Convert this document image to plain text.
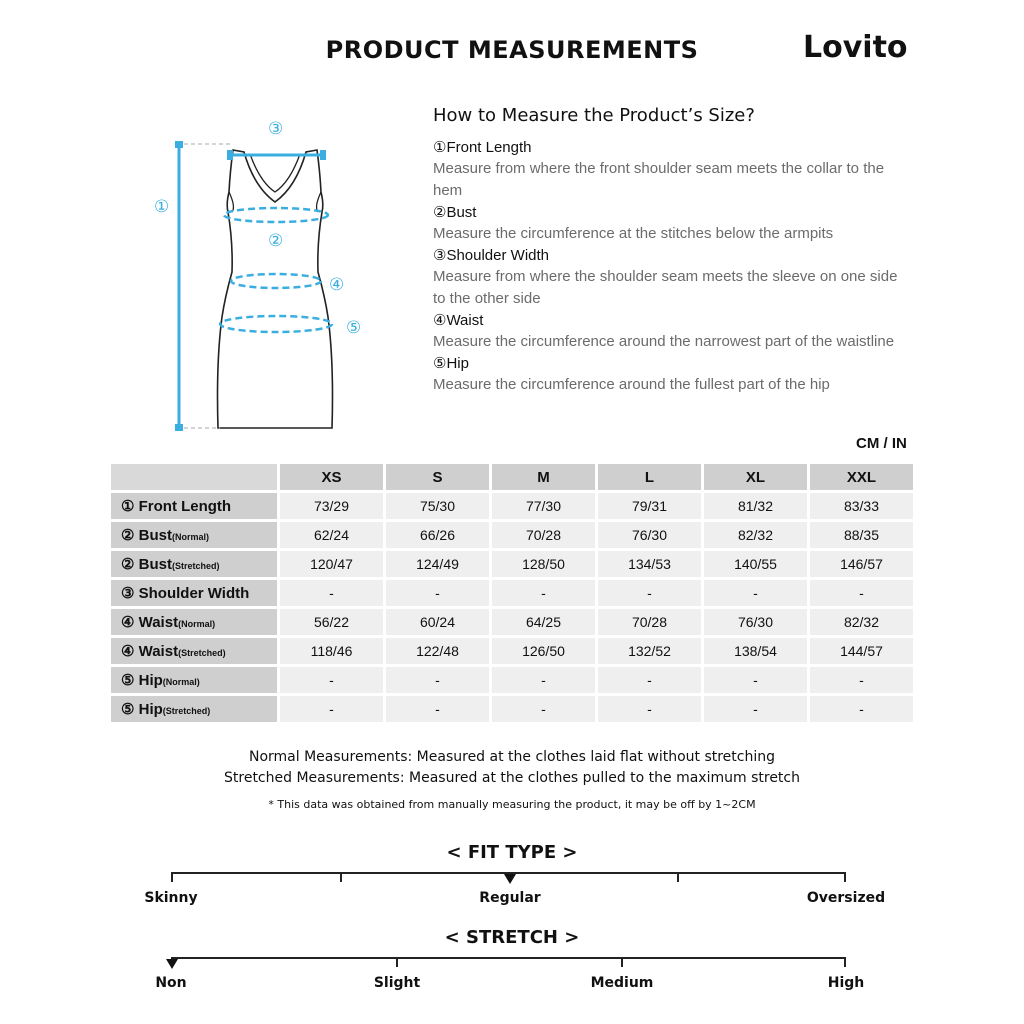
PRODUCT MEASUREMENTS	Lovito
①
②
③
④
⑤
How to Measure the Product’s Size?
①Front Length
Measure from where the front shoulder seam meets the collar to the hem
②Bust
Measure the circumference at the stitches below the armpits
③Shoulder Width
Measure from where the shoulder seam meets the sleeve on one side to the other side
④Waist
Measure the circumference around the narrowest part of the waistline
⑤Hip
Measure the circumference around the fullest part of the hip
CM / IN
	XS	S	M	L	XL	XXL
① Front Length	73/29	75/30	77/30	79/31	81/32	83/33
② Bust(Normal)	62/24	66/26	70/28	76/30	82/32	88/35
② Bust(Stretched)	120/47	124/49	128/50	134/53	140/55	146/57
③ Shoulder Width	-	-	-	-	-	-
④ Waist(Normal)	56/22	60/24	64/25	70/28	76/30	82/32
④ Waist(Stretched)	118/46	122/48	126/50	132/52	138/54	144/57
⑤ Hip(Normal)	-	-	-	-	-	-
⑤ Hip(Stretched)	-	-	-	-	-	-
Normal Measurements: Measured at the clothes laid flat without stretching
Stretched Measurements: Measured at the clothes pulled to the maximum stretch
* This data was obtained from manually measuring the product, it may be off by 1~2CM
< FIT TYPE >
Skinny	Regular	Oversized
< STRETCH >
Non	Slight	Medium	High
